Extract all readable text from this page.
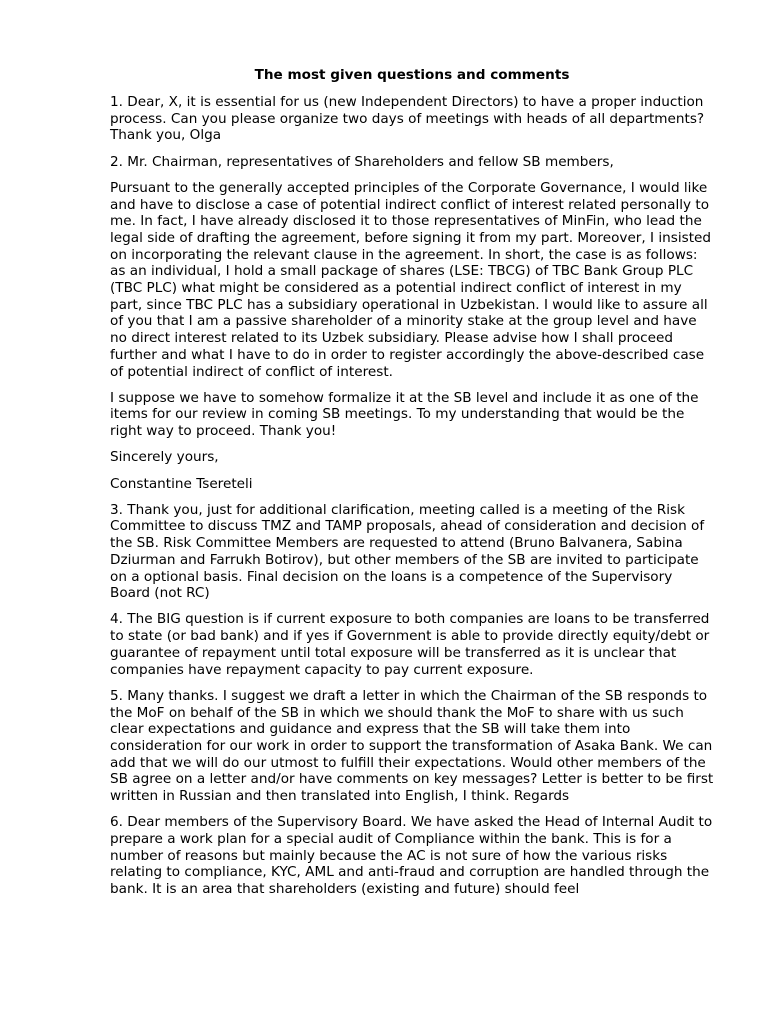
The most given questions and comments

1. Dear, X, it is essential for us (new Independent Directors) to have a proper induction process. Can you please organize two days of meetings with heads of all departments? Thank you, Olga

2. Mr. Chairman, representatives of Shareholders and fellow SB members,

Pursuant to the generally accepted principles of the Corporate Governance, I would like and have to disclose a case of potential indirect conflict of interest related personally to me. In fact, I have already disclosed it to those representatives of MinFin, who lead the legal side of drafting the agreement, before signing it from my part. Moreover, I insisted on incorporating the relevant clause in the agreement. In short, the case is as follows: as an individual, I hold a small package of shares (LSE: TBCG) of TBC Bank Group PLC (TBC PLC) what might be considered as a potential indirect conflict of interest in my part, since TBC PLC has a subsidiary operational in Uzbekistan. I would like to assure all of you that I am a passive shareholder of a minority stake at the group level and have no direct interest related to its Uzbek subsidiary. Please advise how I shall proceed further and what I have to do in order to register accordingly the above-described case of potential indirect of conflict of interest.

I suppose we have to somehow formalize it at the SB level and include it as one of the items for our review in coming SB meetings. To my understanding that would be the right way to proceed. Thank you!

Sincerely yours,

Constantine Tsereteli

3. Thank you, just for additional clarification, meeting called is a meeting of the Risk Committee to discuss TMZ and TAMP proposals, ahead of consideration and decision of the SB. Risk Committee Members are requested to attend (Bruno Balvanera, Sabina Dziurman and Farrukh Botirov), but other members of the SB are invited to participate on a optional basis. Final decision on the loans is a competence of the Supervisory Board (not RC)

4. The BIG question is if current exposure to both companies are loans to be transferred to state (or bad bank) and if yes if Government is able to provide directly equity/debt or guarantee of repayment until total exposure will be transferred as it is unclear that companies have repayment capacity to pay current exposure.

5. Many thanks. I suggest we draft a letter in which the Chairman of the SB responds to the MoF on behalf of the SB in which we should thank the MoF to share with us such clear expectations and guidance and express that the SB will take them into consideration for our work in order to support the transformation of Asaka Bank. We can add that we will do our utmost to fulfill their expectations. Would other members of the SB agree on a letter and/or have comments on key messages? Letter is better to be first written in Russian and then translated into English, I think. Regards

6. Dear members of the Supervisory Board. We have asked the Head of Internal Audit to prepare a work plan for a special audit of Compliance within the bank. This is for a number of reasons but mainly because the AC is not sure of how the various risks relating to compliance, KYC, AML and anti-fraud and corruption are handled through the bank. It is an area that shareholders (existing and future) should feel
